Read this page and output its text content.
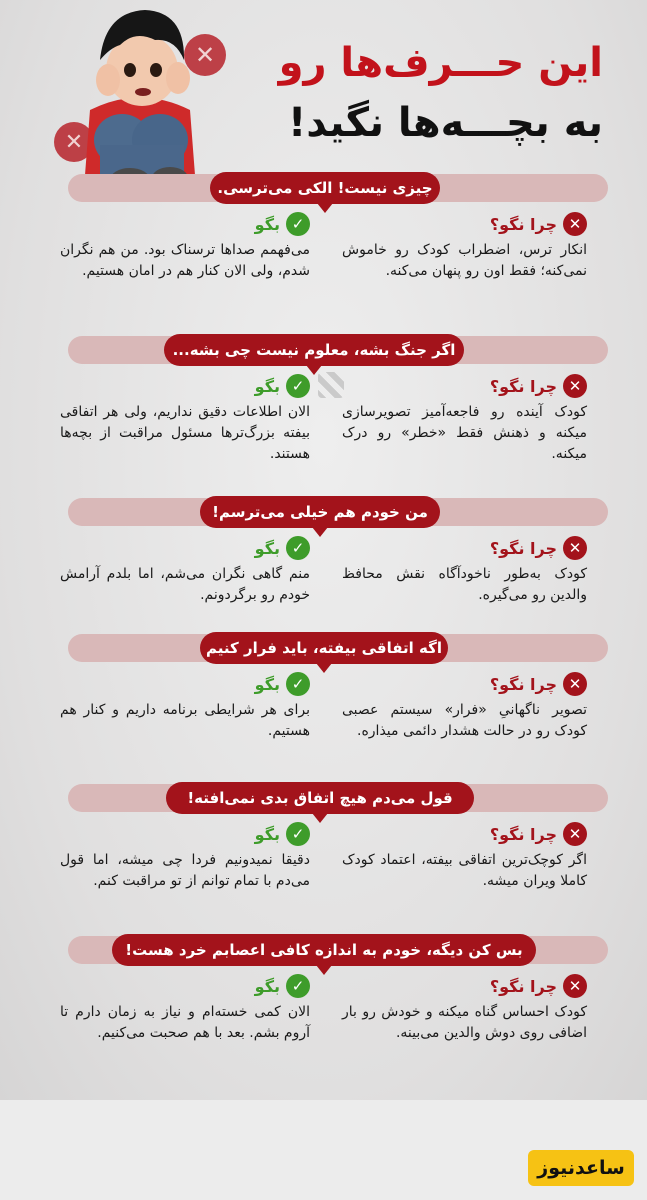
✕
✕
این حـــرف‌ها رو
به بچـــه‌ها نگید!
چیزی نیست! الکی می‌ترسی.
✕
چرا نگو؟
انکار ترس، اضطراب کودک رو خاموش نمی‌کنه؛ فقط اون رو پنهان می‌کنه.
✓
بگو
می‌فهمم صداها ترسناک بود. من هم نگران شدم، ولی الان کنار هم در امان هستیم.
اگر جنگ بشه، معلوم نیست چی بشه...
✕
چرا نگو؟
کودک آینده رو فاجعه‌آمیز تصویرسازی میکنه و ذهنش فقط «خطر» رو درک میکنه.
✓
بگو
الان اطلاعات دقیق نداریم، ولی هر اتفاقی بیفته بزرگ‌ترها مسئول مراقبت از بچه‌ها هستند.
من خودم هم خیلی می‌ترسم!
✕
چرا نگو؟
کودک به‌طور ناخودآگاه نقش محافظ والدین رو می‌گیره.
✓
بگو
منم گاهی نگران می‌شم، اما بلدم آرامش خودم رو برگردونم.
اگه اتفاقی بیفته، باید فرار کنیم
✕
چرا نگو؟
تصویر ناگهانیِ «فرار» سیستم عصبی کودک رو در حالت هشدار دائمی میذاره.
✓
بگو
برای هر شرایطی برنامه داریم و کنار هم هستیم.
قول می‌دم هیچ اتفاق بدی نمی‌افته!
✕
چرا نگو؟
اگر کوچک‌ترین اتفاقی بیفته، اعتماد کودک کاملا ویران میشه.
✓
بگو
دقیقا نمیدونیم فردا چی میشه، اما قول می‌دم با تمام توانم از تو مراقبت کنم.
بس کن دیگه، خودم به اندازه کافی اعصابم خرد هست!
✕
چرا نگو؟
کودک احساس گناه میکنه و خودش رو بار اضافی روی دوش والدین می‌بینه.
✓
بگو
الان کمی خسته‌ام و نیاز به زمان دارم تا آروم بشم. بعد با هم صحبت می‌کنیم.
ساعدنیوز
